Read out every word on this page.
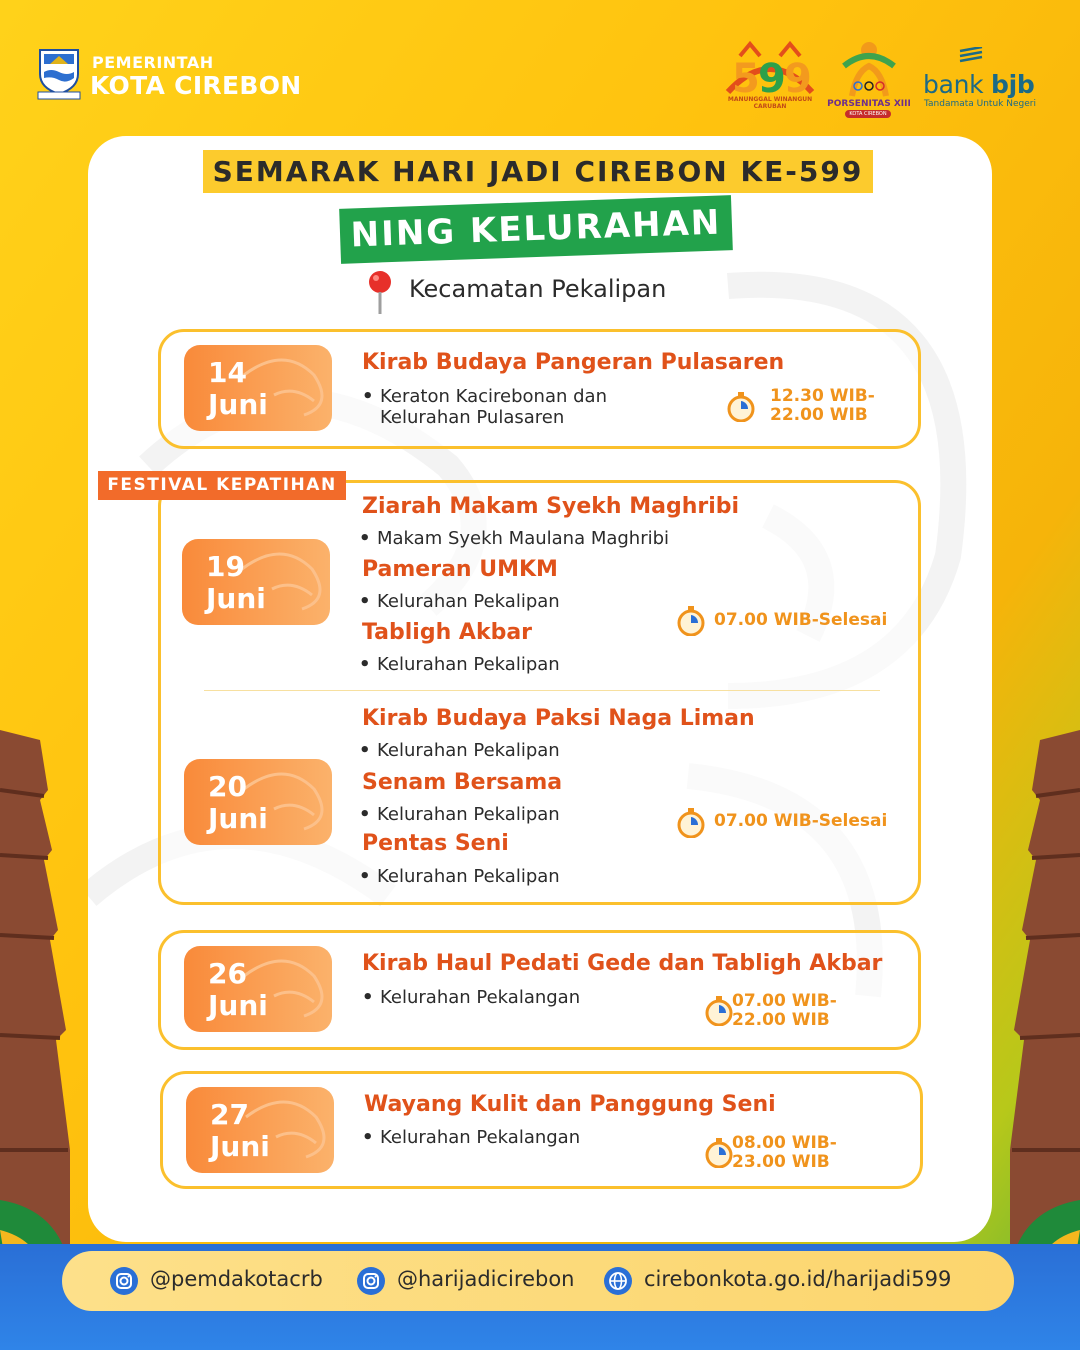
PEMERINTAH
KOTA CIREBON	5
9
9
MANUNGGAL WINANGUN CARUBAN	PORSENITAS XIII
KOTA CIREBON
bank bjb
Tandamata Untuk Negeri
SEMARAK HARI JADI CIREBON KE-599
NING KELURAHAN
Kecamatan Pekalipan
14
Juni
Kirab Budaya Pangeran Pulasaren
• Keraton Kacirebonan dan
Kelurahan Pulasaren
12.30 WIB-
22.00 WIB
FESTIVAL KEPATIHAN
19
Juni
Ziarah Makam Syekh Maghribi
• Makam Syekh Maulana Maghribi
Pameran UMKM
• Kelurahan Pekalipan
Tabligh Akbar
• Kelurahan Pekalipan
07.00 WIB-Selesai
20
Juni
Kirab Budaya Paksi Naga Liman
• Kelurahan Pekalipan
Senam Bersama
• Kelurahan Pekalipan
Pentas Seni
• Kelurahan Pekalipan
07.00 WIB-Selesai
26
Juni
Kirab Haul Pedati Gede dan Tabligh Akbar
• Kelurahan Pekalangan	07.00 WIB-
22.00 WIB
27
Juni
Wayang Kulit dan Panggung Seni
• Kelurahan Pekalangan	08.00 WIB-
23.00 WIB
@pemdakotacrb	@harijadicirebon	cirebonkota.go.id/harijadi599
